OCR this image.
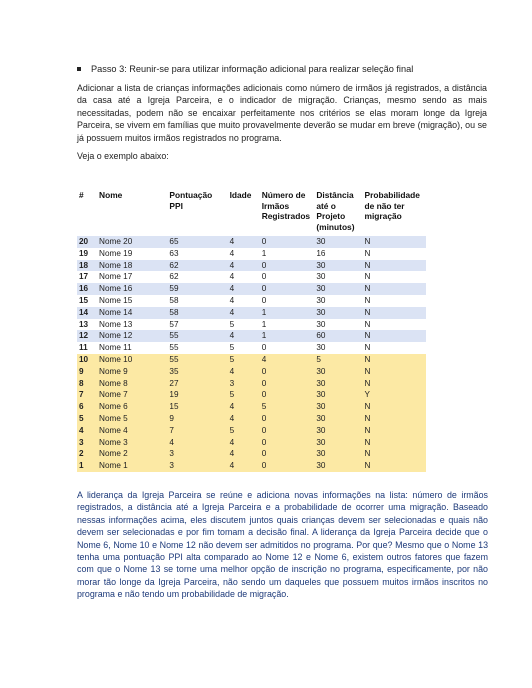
Passo 3: Reunir-se para utilizar informação adicional para realizar seleção final
Adicionar a lista de crianças informações adicionais como número de irmãos já registrados, a distância da casa até a Igreja Parceira, e o indicador de migração. Crianças, mesmo sendo as mais necessitadas, podem não se encaixar perfeitamente nos critérios se elas moram longe da Igreja Parceira, se vivem em famílias que muito provavelmente deverão se mudar em breve (migração), ou se já possuem muitos irmãos registrados no programa.
Veja o exemplo abaixo:
#	Nome	Pontuação PPI	Idade	Número de Irmãos Registrados	Distância até o Projeto (minutos)	Probabilidade de não ter migração
20	Nome 20	65	4	0	30	N
19	Nome 19	63	4	1	16	N
18	Nome 18	62	4	0	30	N
17	Nome 17	62	4	0	30	N
16	Nome 16	59	4	0	30	N
15	Nome 15	58	4	0	30	N
14	Nome 14	58	4	1	30	N
13	Nome 13	57	5	1	30	N
12	Nome 12	55	4	1	60	N
11	Nome 11	55	5	0	30	N
10	Nome 10	55	5	4	5	N
9	Nome 9	35	4	0	30	N
8	Nome 8	27	3	0	30	N
7	Nome 7	19	5	0	30	Y
6	Nome 6	15	4	5	30	N
5	Nome 5	9	4	0	30	N
4	Nome 4	7	5	0	30	N
3	Nome 3	4	4	0	30	N
2	Nome 2	3	4	0	30	N
1	Nome 1	3	4	0	30	N
A liderança da Igreja Parceira se reúne e adiciona novas informações na lista: número de irmãos registrados, a distância até a Igreja Parceira e a probabilidade de ocorrer uma migração. Baseado nessas informações acima, eles discutem juntos quais crianças devem ser selecionadas e quais não devem ser selecionadas e por fim tomam a decisão final. A liderança da Igreja Parceira decide que o Nome 6, Nome 10 e Nome 12 não devem ser admitidos no programa. Por que? Mesmo que o Nome 13 tenha uma pontuação PPI alta comparado ao Nome 12 e Nome 6, existem outros fatores que fazem com que o Nome 13 se torne uma melhor opção de inscrição no programa, especificamente, por não morar tão longe da Igreja Parceira, não sendo um daqueles que possuem muitos irmãos inscritos no programa e não tendo um probabilidade de migração.
